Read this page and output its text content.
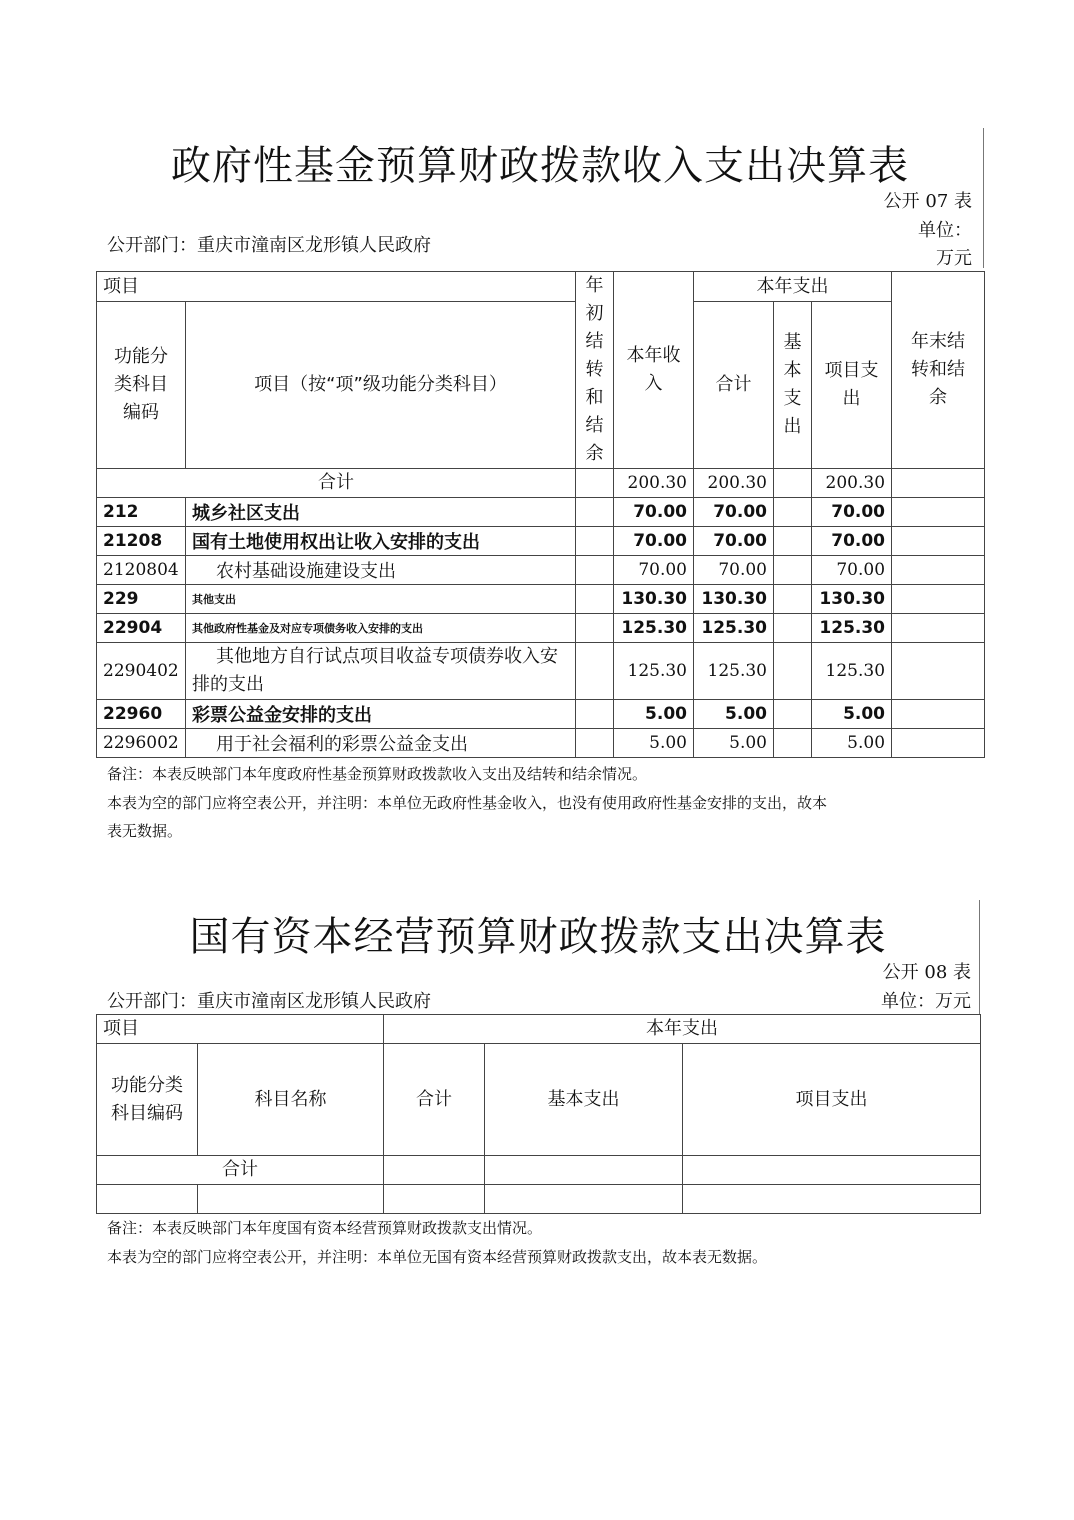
政府性基金预算财政拨款收入支出决算表
公开 07 表
单位：
万元
公开部门：重庆市潼南区龙形镇人民政府
项目		年初结转和结余	本年收入	本年支出			年末结转和结余
功能分类科目编码	项目（按“项”级功能分类科目）			合计	基本支出	项目支出	
合计			200.30	200.30		200.30	
212	城乡社区支出		70.00	70.00		70.00	
21208	国有土地使用权出让收入安排的支出		70.00	70.00		70.00	
2120804	农村基础设施建设支出		70.00	70.00		70.00	
229	其他支出		130.30	130.30		130.30	
22904	其他政府性基金及对应专项债务收入安排的支出		125.30	125.30		125.30	
2290402	其他地方自行试点项目收益专项债券收入安排的支出		125.30	125.30		125.30	
22960	彩票公益金安排的支出		5.00	5.00		5.00	
2296002	用于社会福利的彩票公益金支出		5.00	5.00		5.00	
备注：本表反映部门本年度政府性基金预算财政拨款收入支出及结转和结余情况。
本表为空的部门应将空表公开，并注明：本单位无政府性基金收入，也没有使用政府性基金安排的支出，故本
表无数据。
国有资本经营预算财政拨款支出决算表
公开 08 表
单位：万元
公开部门：重庆市潼南区龙形镇人民政府
项目		本年支出		
功能分类科目编码	科目名称	合计	基本支出	项目支出
合计				

备注：本表反映部门本年度国有资本经营预算财政拨款支出情况。
本表为空的部门应将空表公开，并注明：本单位无国有资本经营预算财政拨款支出，故本表无数据。
